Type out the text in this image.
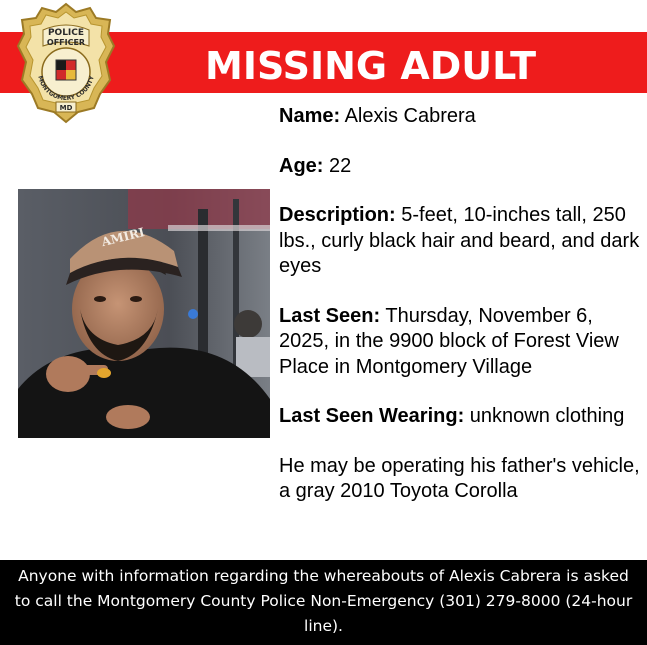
MISSING ADULT
POLICE
OFFICER
MONTGOMERY COUNTY
MD
AMIRI

Name: Alexis Cabrera

Age: 22

Description: 5-feet, 10-inches tall, 250 lbs., curly black hair and beard, and dark eyes

Last Seen: Thursday, November 6, 2025, in the 9900 block of Forest View Place in Montgomery Village

Last Seen Wearing: unknown clothing

He may be operating his father's vehicle, a gray 2010 Toyota Corolla

Anyone with information regarding the whereabouts of Alexis Cabrera is asked to call the Montgomery County Police Non-Emergency (301) 279-8000 (24-hour line).
